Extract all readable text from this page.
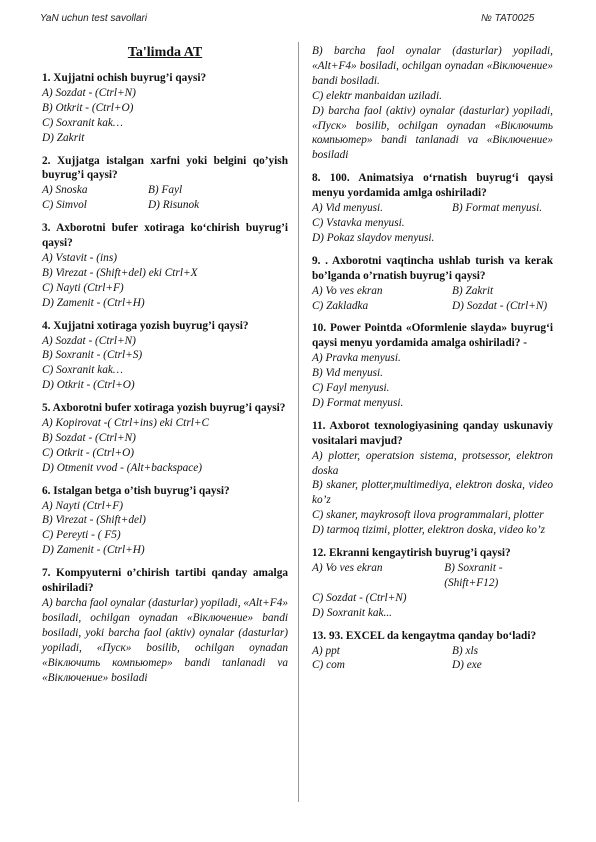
YaN uchun test savollari	№ TAT0025
Ta'limda AT
1. Xujjatni ochish buyrug’i qaysi?
A) Sozdat - (Ctrl+N)
B) Otkrit - (Ctrl+O)
C) Soxranit kak…
D) Zakrit
2. Xujjatga istalgan xarfni yoki belgini qo’yish buyrug’i qaysi?
A) Snoska	B) Fayl
C) Simvol	D) Risunok
3. Axborotni bufer xotiraga ko‘chirish buyrug’i qaysi?
A) Vstavit - (ins)
B) Virezat - (Shift+del) eki Ctrl+X
C) Nayti (Ctrl+F)
D) Zamenit - (Ctrl+H)
4. Xujjatni xotiraga yozish buyrug’i qaysi?
A) Sozdat - (Ctrl+N)
B) Soxranit - (Ctrl+S)
C) Soxranit kak…
D) Otkrit - (Ctrl+O)
5. Axborotni bufer xotiraga yozish buyrug’i qaysi?
A) Kopirovat -( Ctrl+ins) eki Ctrl+C
B) Sozdat - (Ctrl+N)
C) Otkrit - (Ctrl+O)
D) Otmenit vvod - (Alt+backspace)
6. Istalgan betga o’tish buyrug’i qaysi?
A) Nayti (Ctrl+F)
B) Virezat - (Shift+del)
C) Pereyti - ( F5)
D) Zamenit - (Ctrl+H)
7. Kompyuterni o’chirish tartibi qanday amalga oshiriladi?
A) barcha faol oynalar (dasturlar) yopiladi, «Alt+F4» bosiladi, ochilgan oynadan «Віключение» bandi bosiladi, yoki barcha faol (aktiv) oynalar (dasturlar) yopiladi, «Пуск» bosilib, ochilgan оynadan «Віключить компьютер» bandi tanlanadi va «Віключение» bosiladi
B) barcha faol oynalar (dasturlar) yopiladi, «Alt+F4» bosiladi, ochilgan oynadan «Віключение» bandi bosiladi.
C) elektr manbaidan uziladi.
D) barcha faol (aktiv) oynalar (dasturlar) yopiladi, «Пуск» bosilib, ochilgan оynadan «Віключить компьютер» bandi tanlanadi va «Віключение» bosiladi
8. 100. Animatsiya o‘rnatish buyrug‘i qaysi menyu yordamida amlga oshiriladi?
A) Vid menyusi.	B) Format menyusi.
C) Vstavka menyusi.
D) Pokaz slaydov menyusi.
9. . Axborotni vaqtincha ushlab turish va kerak bo’lganda o’rnatish buyrug’i qaysi?
A) Vo ves ekran	B) Zakrit
C) Zakladka	D) Sozdat - (Ctrl+N)
10. Power Pointda «Oformlenie slayda» buyrug‘i qaysi menyu yordamida amalga oshiriladi? -
A) Pravka menyusi.
B) Vid menyusi.
C) Fayl menyusi.
D) Format menyusi.
11. Axborot texnologiyasining qanday uskunaviy vositalari mavjud?
A) plotter, operatsion sistema, protsessor, elektron doska
B) skaner, plotter,multimediya, elektron doska, video ko’z
C) skaner, maykrosoft ilova programmalari, plotter
D) tarmoq tizimi, plotter, elektron doska, video ko’z
12. Ekranni kengaytirish buyrug’i qaysi?
A) Vo ves ekran	B) Soxranit - (Shift+F12)
C) Sozdat - (Ctrl+N)
D) Soxranit kak...
13. 93. EXCEL da kengaytma qanday bo‘ladi?
A) ppt	B) xls
C) com	D) exe
